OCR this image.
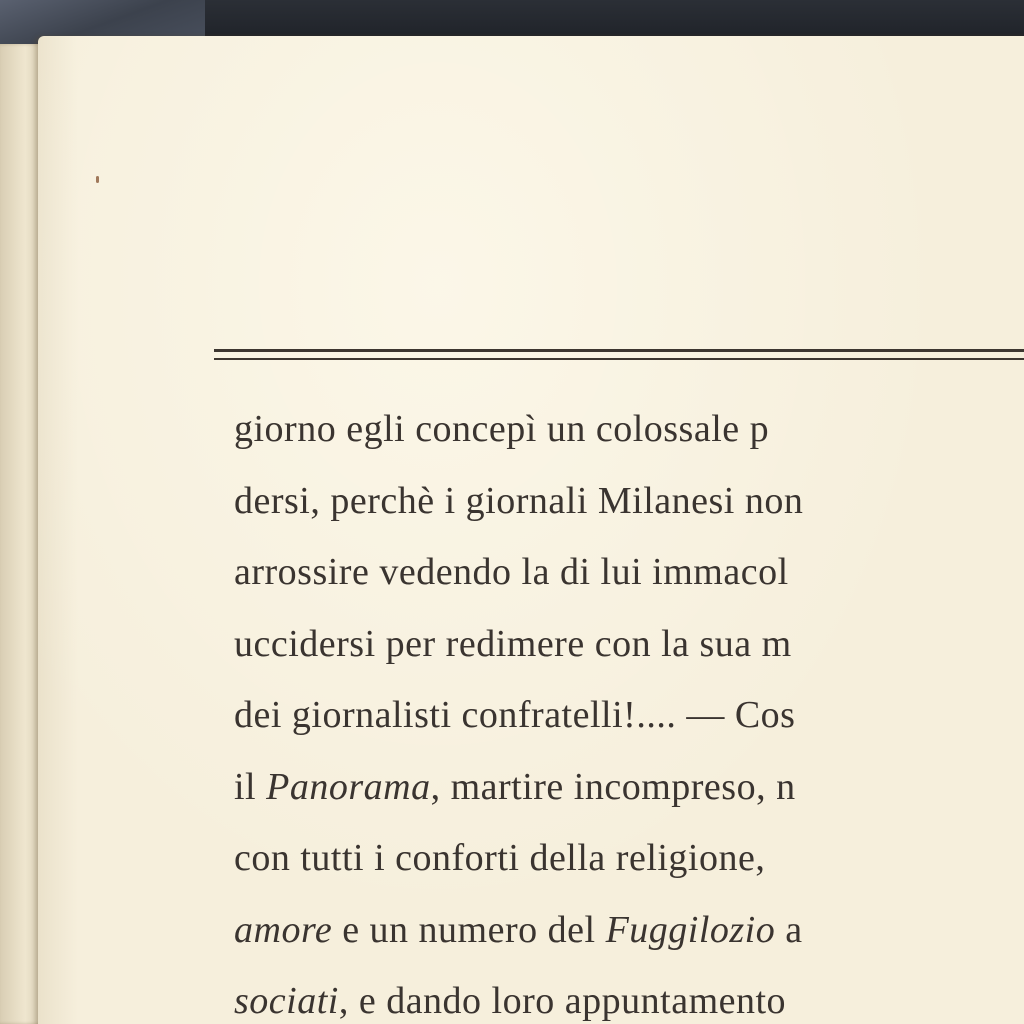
giorno egli concepì un colossale p
dersi, perchè i giornali Milanesi non
arrossire vedendo la di lui immacol
uccidersi per redimere con la sua m
dei giornalisti confratelli!.... — Cos
il Panorama, martire incompreso, n
con tutti i conforti della religione,
amore e un numero del Fuggilozio a
sociati, e dando loro appuntamento
